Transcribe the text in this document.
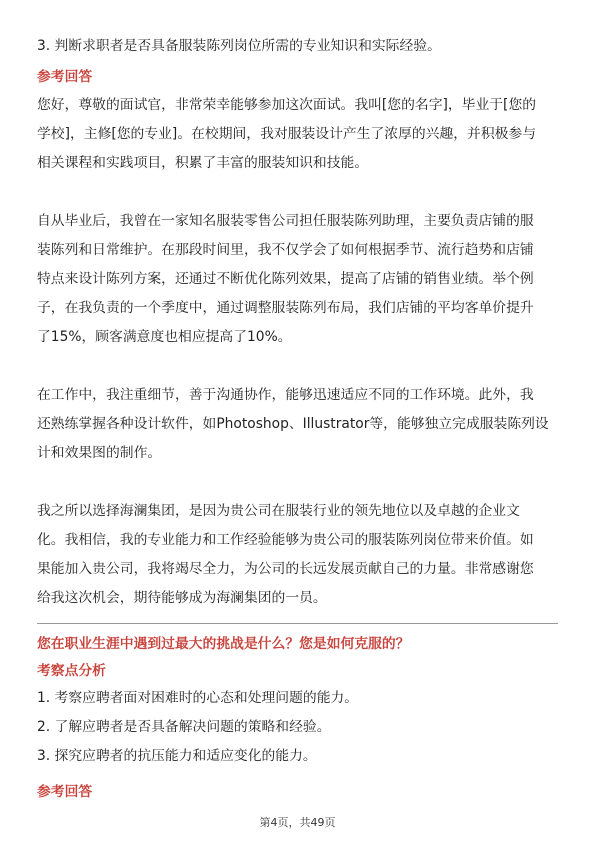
3. 判断求职者是否具备服装陈列岗位所需的专业知识和实际经验。
参考回答
您好，尊敬的面试官，非常荣幸能够参加这次面试。我叫[您的名字]，毕业于[您的
学校]，主修[您的专业]。在校期间，我对服装设计产生了浓厚的兴趣，并积极参与
相关课程和实践项目，积累了丰富的服装知识和技能。
自从毕业后，我曾在一家知名服装零售公司担任服装陈列助理，主要负责店铺的服
装陈列和日常维护。在那段时间里，我不仅学会了如何根据季节、流行趋势和店铺
特点来设计陈列方案，还通过不断优化陈列效果，提高了店铺的销售业绩。举个例
子，在我负责的一个季度中，通过调整服装陈列布局，我们店铺的平均客单价提升
了15%，顾客满意度也相应提高了10%。
在工作中，我注重细节，善于沟通协作，能够迅速适应不同的工作环境。此外，我
还熟练掌握各种设计软件，如Photoshop、Illustrator等，能够独立完成服装陈列设
计和效果图的制作。
我之所以选择海澜集团，是因为贵公司在服装行业的领先地位以及卓越的企业文
化。我相信，我的专业能力和工作经验能够为贵公司的服装陈列岗位带来价值。如
果能加入贵公司，我将竭尽全力，为公司的长远发展贡献自己的力量。非常感谢您
给我这次机会，期待能够成为海澜集团的一员。
您在职业生涯中遇到过最大的挑战是什么？您是如何克服的？
考察点分析
1. 考察应聘者面对困难时的心态和处理问题的能力。
2. 了解应聘者是否具备解决问题的策略和经验。
3. 探究应聘者的抗压能力和适应变化的能力。
参考回答
第4页，共49页
